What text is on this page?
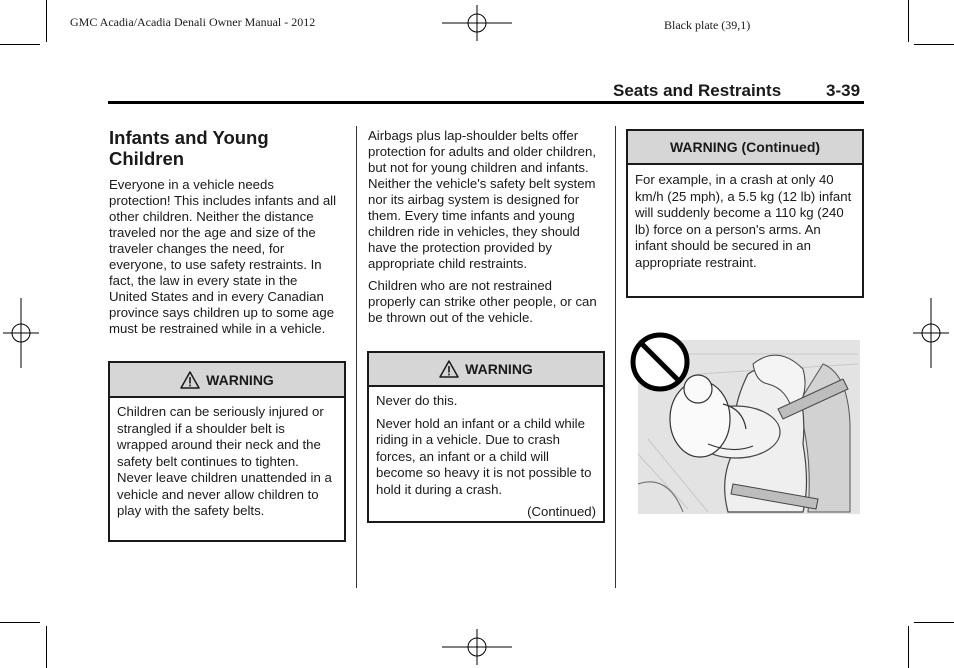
GMC Acadia/Acadia Denali Owner Manual - 2012	Black plate (39,1)
Seats and Restraints	3-39
Infants and Young Children

Everyone in a vehicle needs protection! This includes infants and all other children. Neither the distance traveled nor the age and size of the traveler changes the need, for everyone, to use safety restraints. In fact, the law in every state in the United States and in every Canadian province says children up to some age must be restrained while in a vehicle.

WARNING

Children can be seriously injured or strangled if a shoulder belt is wrapped around their neck and the safety belt continues to tighten. Never leave children unattended in a vehicle and never allow children to play with the safety belts.

Airbags plus lap-shoulder belts offer protection for adults and older children, but not for young children and infants. Neither the vehicle's safety belt system nor its airbag system is designed for them. Every time infants and young children ride in vehicles, they should have the protection provided by appropriate child restraints.

Children who are not restrained properly can strike other people, or can be thrown out of the vehicle.

WARNING

Never do this.

Never hold an infant or a child while riding in a vehicle. Due to crash forces, an infant or a child will become so heavy it is not possible to hold it during a crash.

(Continued)

WARNING (Continued)

For example, in a crash at only 40 km/h (25 mph), a 5.5 kg (12 lb) infant will suddenly become a 110 kg (240 lb) force on a person's arms. An infant should be secured in an appropriate restraint.
